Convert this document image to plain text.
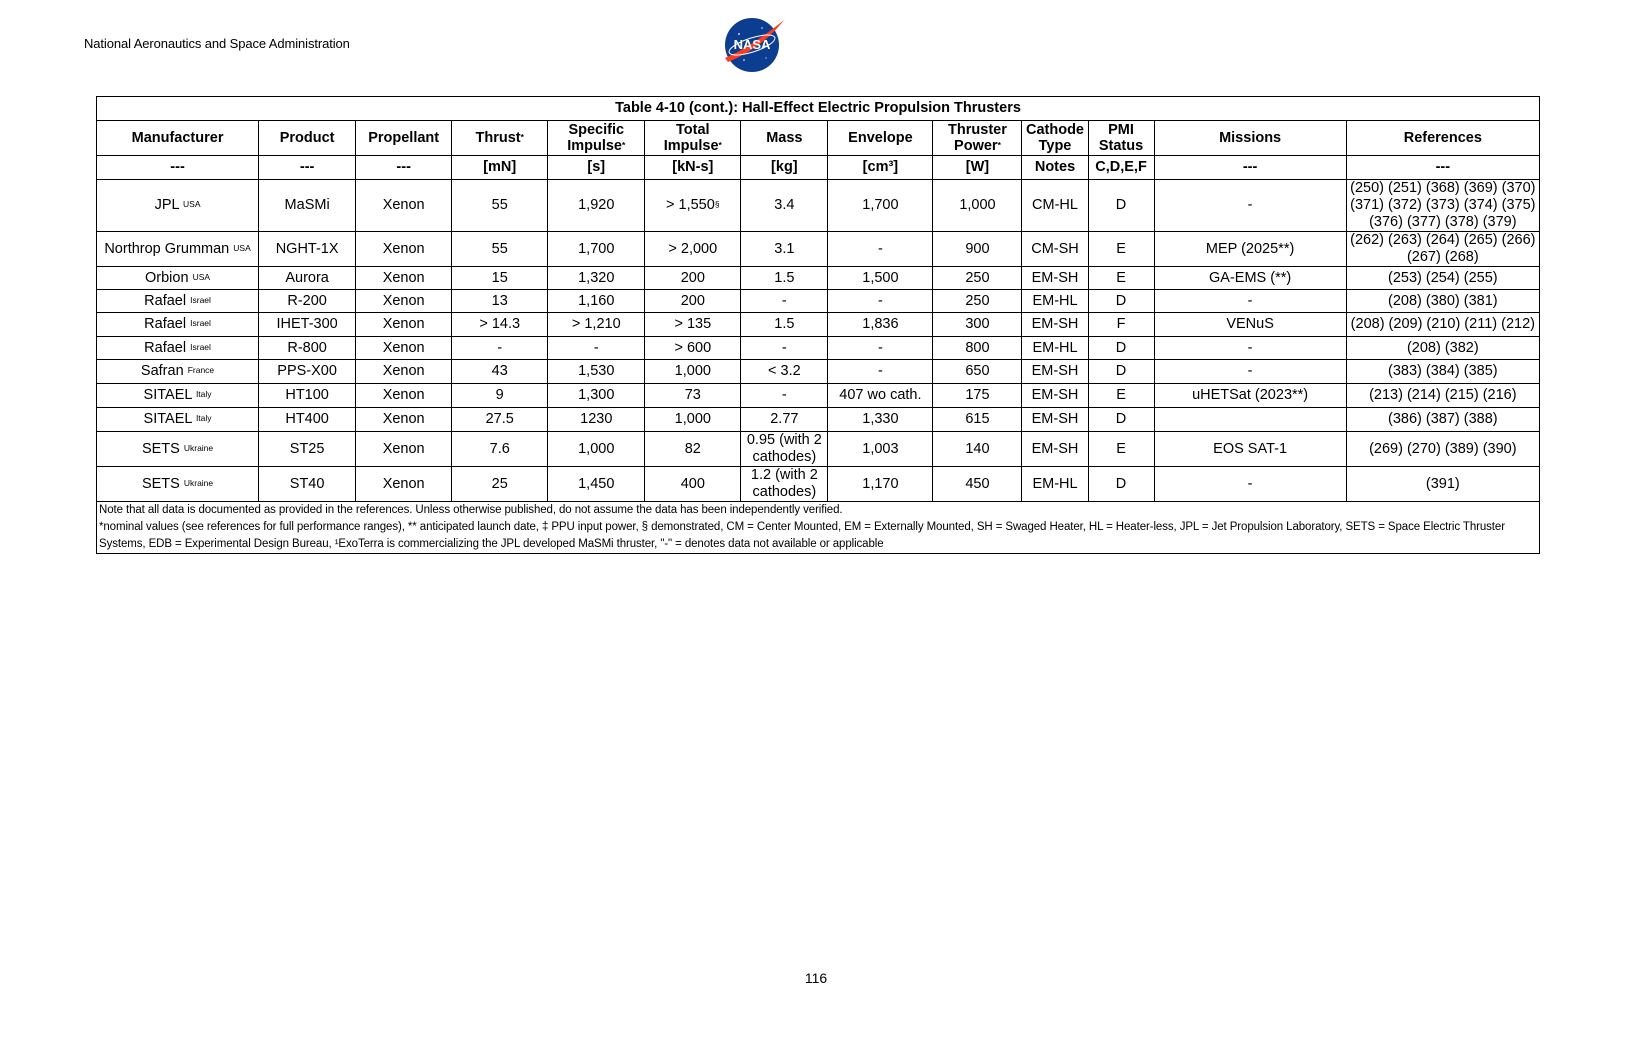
National Aeronautics and Space Administration	NASA
Table 4-10 (cont.): Hall-Effect Electric Propulsion Thrusters												
Manufacturer	Product	Propellant	Thrust*	Specific Impulse*	Total Impulse*	Mass	Envelope	Thruster Power*	Cathode Type	PMI Status	Missions	References
---	---	---	[mN]	[s]	[kN-s]	[kg]	[cm³]	[W]	Notes	C,D,E,F	---	---
JPL $^{USA}$	MaSMi	Xenon	55	1,920	> 1,550§	3.4	1,700	1,000	CM-HL	D	-	(250) (251) (368) (369) (370) (371) (372) (373) (374) (375) (376) (377) (378) (379)
Northrop Grumman $^{USA}$	NGHT-1X	Xenon	55	1,700	> 2,000	3.1	-	900	CM-SH	E	MEP (2025**)	(262) (263) (264) (265) (266) (267) (268)
Orbion $^{USA}$	Aurora	Xenon	15	1,320	200	1.5	1,500	250	EM-SH	E	GA-EMS (**)	(253) (254) (255)
Rafael $^{Israel}$	R-200	Xenon	13	1,160	200	-	-	250	EM-HL	D	-	(208) (380) (381)
Rafael $^{Israel}$	IHET-300	Xenon	> 14.3	> 1,210	> 135	1.5	1,836	300	EM-SH	F	VENuS	(208) (209) (210) (211) (212)
Rafael $^{Israel}$	R-800	Xenon	-	-	> 600	-	-	800	EM-HL	D	-	(208) (382)
Safran $^{France}$	PPS-X00	Xenon	43	1,530	1,000	< 3.2	-	650	EM-SH	D	-	(383) (384) (385)
SITAEL $^{Italy}$	HT100	Xenon	9	1,300	73	-	407 wo cath.	175	EM-SH	E	uHETSat (2023**)	(213) (214) (215) (216)
SITAEL $^{Italy}$	HT400	Xenon	27.5	1230	1,000	2.77	1,330	615	EM-SH	D		(386) (387) (388)
SETS $^{Ukraine}$	ST25	Xenon	7.6	1,000	82	0.95 (with 2 cathodes)	1,003	140	EM-SH	E	EOS SAT-1	(269) (270) (389) (390)
SETS $^{Ukraine}$	ST40	Xenon	25	1,450	400	1.2 (with 2 cathodes)	1,170	450	EM-HL	D	-	(391)

Note that all data is documented as provided in the references. Unless otherwise published, do not assume the data has been independently verified.
*nominal values (see references for full performance ranges), ** anticipated launch date, ‡ PPU input power, § demonstrated, CM = Center Mounted, EM = Externally Mounted, SH = Swaged Heater, HL = Heater-less, JPL = Jet Propulsion Laboratory, SETS = Space Electric Thruster Systems, EDB = Experimental Design Bureau, ¹ExoTerra is commercializing the JPL developed MaSMi thruster, "-" = denotes data not available or applicable												
116
